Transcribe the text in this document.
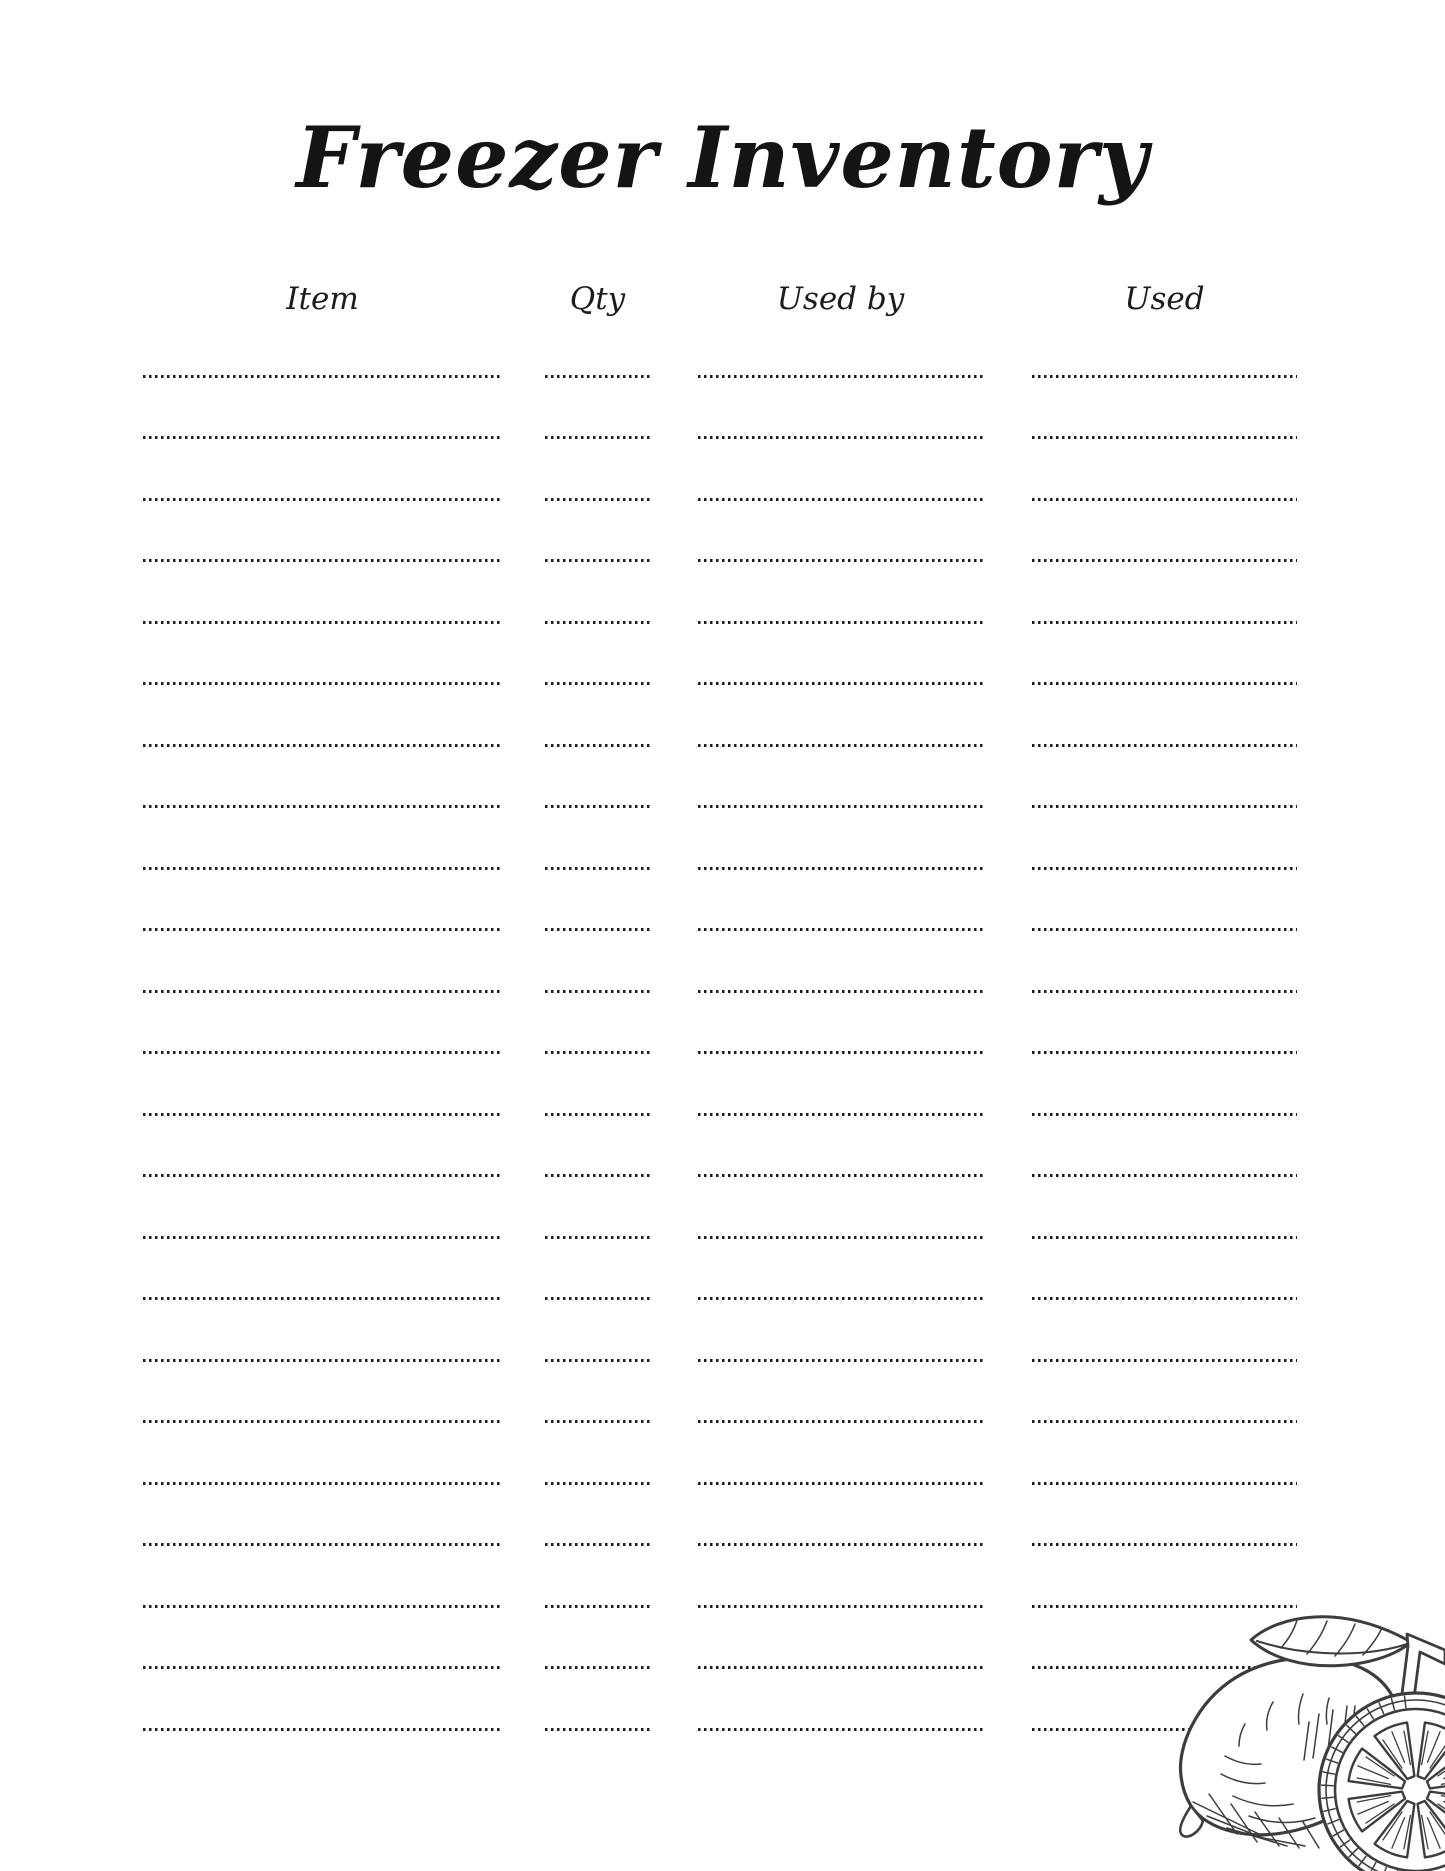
Freezer Inventory
Item	Qty	Used by	Used
